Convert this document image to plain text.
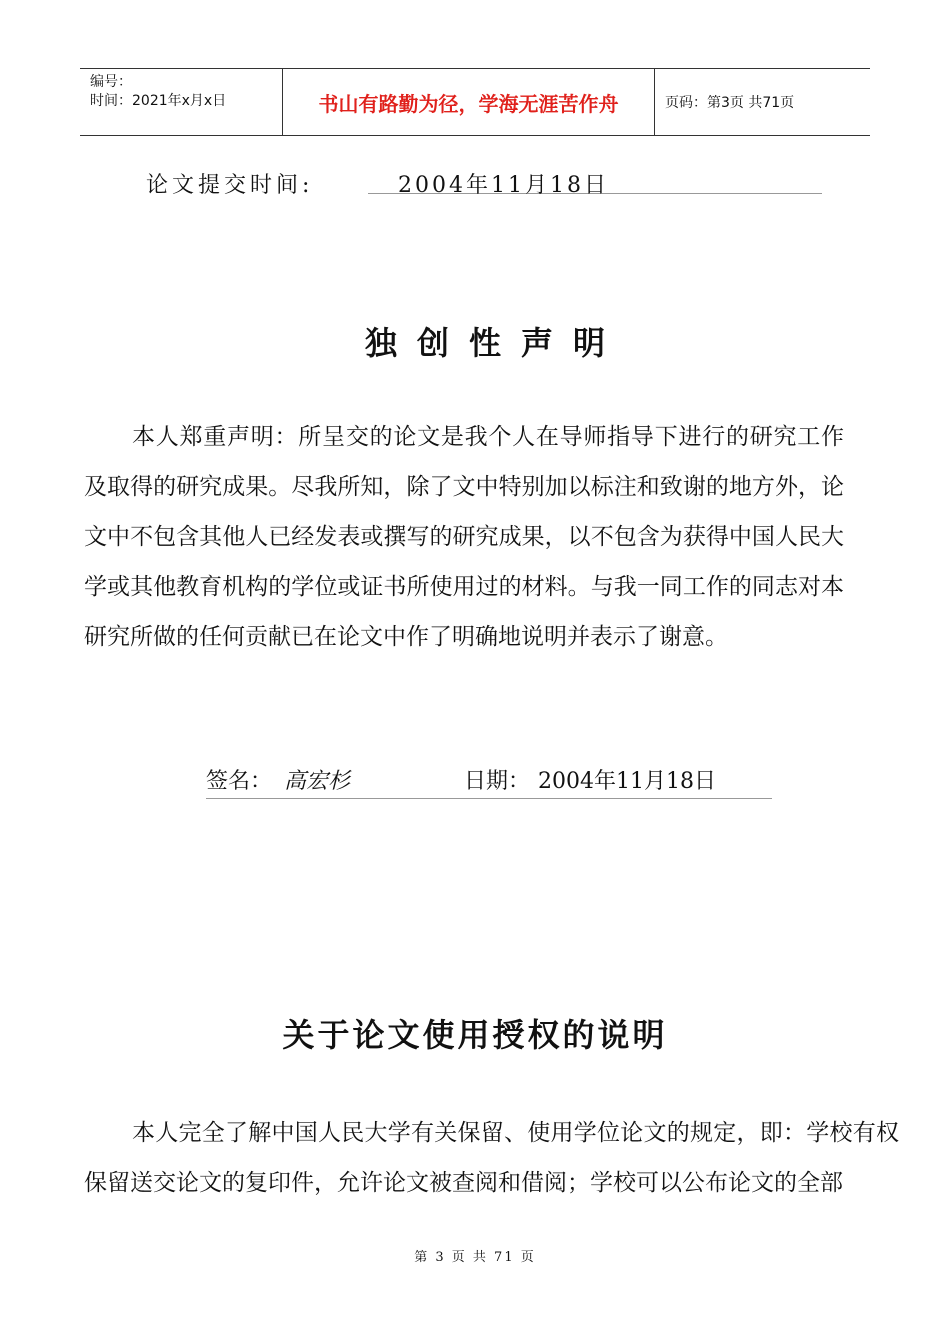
编号：
时间：2021年x月x日	书山有路勤为径，学海无涯苦作舟	页码：第3页 共71页
论文提交时间:	2004年11月18日
独创性声明

本人郑重声明：所呈交的论文是我个人在导师指导下进行的研究工作及取得的研究成果。尽我所知，除了文中特别加以标注和致谢的地方外，论文中不包含其他人已经发表或撰写的研究成果，以不包含为获得中国人民大学或其他教育机构的学位或证书所使用过的材料。与我一同工作的同志对本研究所做的任何贡献已在论文中作了明确地说明并表示了谢意。

签名： 高宏杉	日期： 2004年11月18日
关于论文使用授权的说明

本人完全了解中国人民大学有关保留、使用学位论文的规定，即：学校有权保留送交论文的复印件，允许论文被查阅和借阅；学校可以公布论文的全部

第 3 页 共 71 页
